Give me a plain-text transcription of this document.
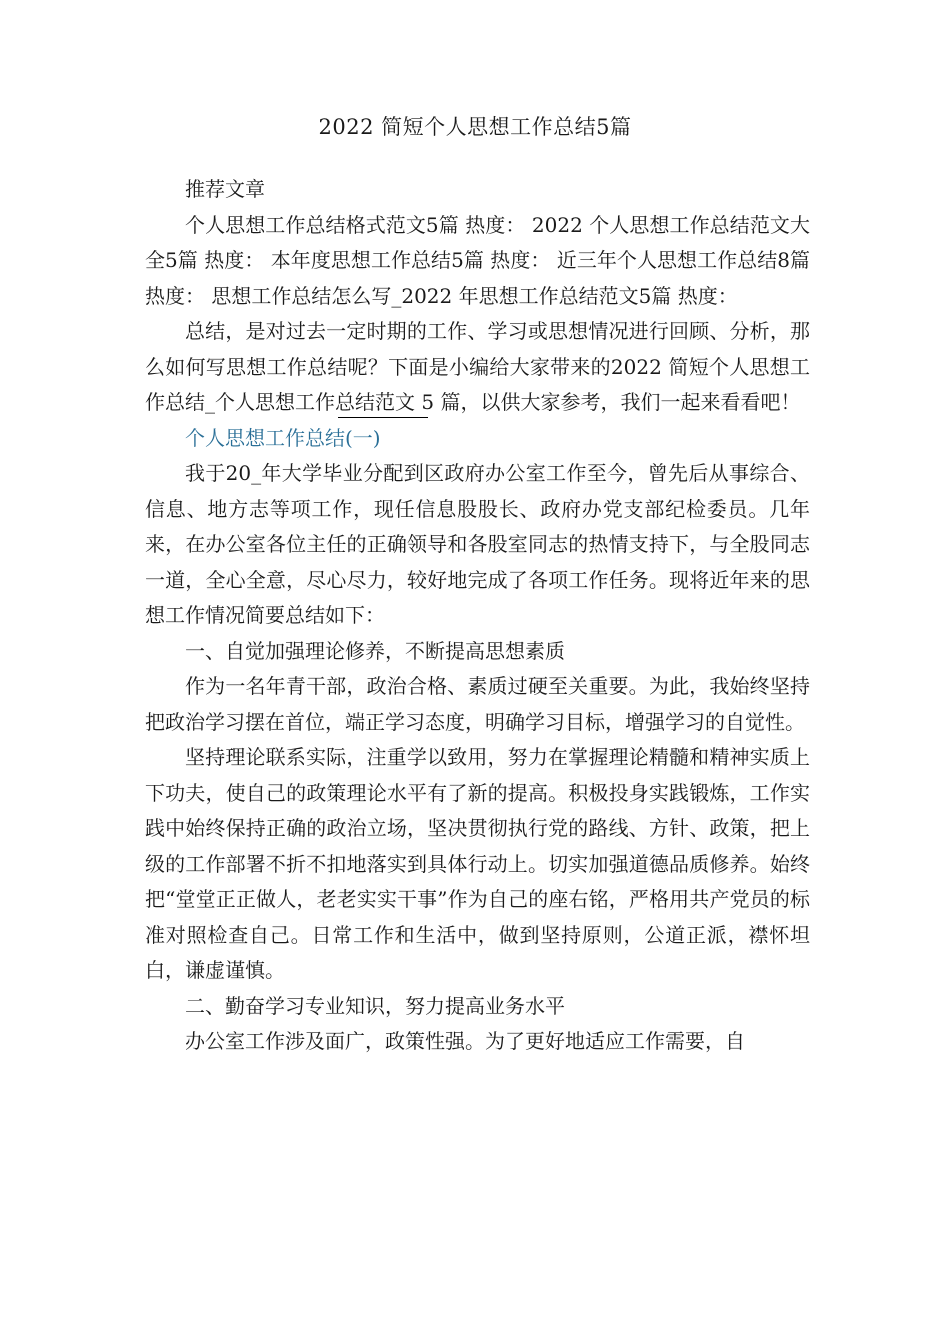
2022 简短个人思想工作总结5篇

推荐文章

个人思想工作总结格式范文5篇 热度： 2022 个人思想工作总结范文大全5篇 热度： 本年度思想工作总结5篇 热度： 近三年个人思想工作总结8篇 热度： 思想工作总结怎么写_2022 年思想工作总结范文5篇 热度：

总结，是对过去一定时期的工作、学习或思想情况进行回顾、分析，那么如何写思想工作总结呢？下面是小编给大家带来的2022 简短个人思想工作总结_个人思想工作总结范文 5 篇，以供大家参考，我们一起来看看吧！

个人思想工作总结(一)

我于20_年大学毕业分配到区政府办公室工作至今，曾先后从事综合、信息、地方志等项工作，现任信息股股长、政府办党支部纪检委员。几年来，在办公室各位主任的正确领导和各股室同志的热情支持下，与全股同志一道，全心全意，尽心尽力，较好地完成了各项工作任务。现将近年来的思想工作情况简要总结如下：

一、自觉加强理论修养，不断提高思想素质

作为一名年青干部，政治合格、素质过硬至关重要。为此，我始终坚持把政治学习摆在首位，端正学习态度，明确学习目标，增强学习的自觉性。

坚持理论联系实际，注重学以致用，努力在掌握理论精髓和精神实质上下功夫，使自己的政策理论水平有了新的提高。积极投身实践锻炼，工作实践中始终保持正确的政治立场，坚决贯彻执行党的路线、方针、政策，把上级的工作部署不折不扣地落实到具体行动上。切实加强道德品质修养。始终把“堂堂正正做人，老老实实干事”作为自己的座右铭，严格用共产党员的标准对照检查自己。日常工作和生活中，做到坚持原则，公道正派，襟怀坦白，谦虚谨慎。

二、勤奋学习专业知识，努力提高业务水平

办公室工作涉及面广，政策性强。为了更好地适应工作需要，自
